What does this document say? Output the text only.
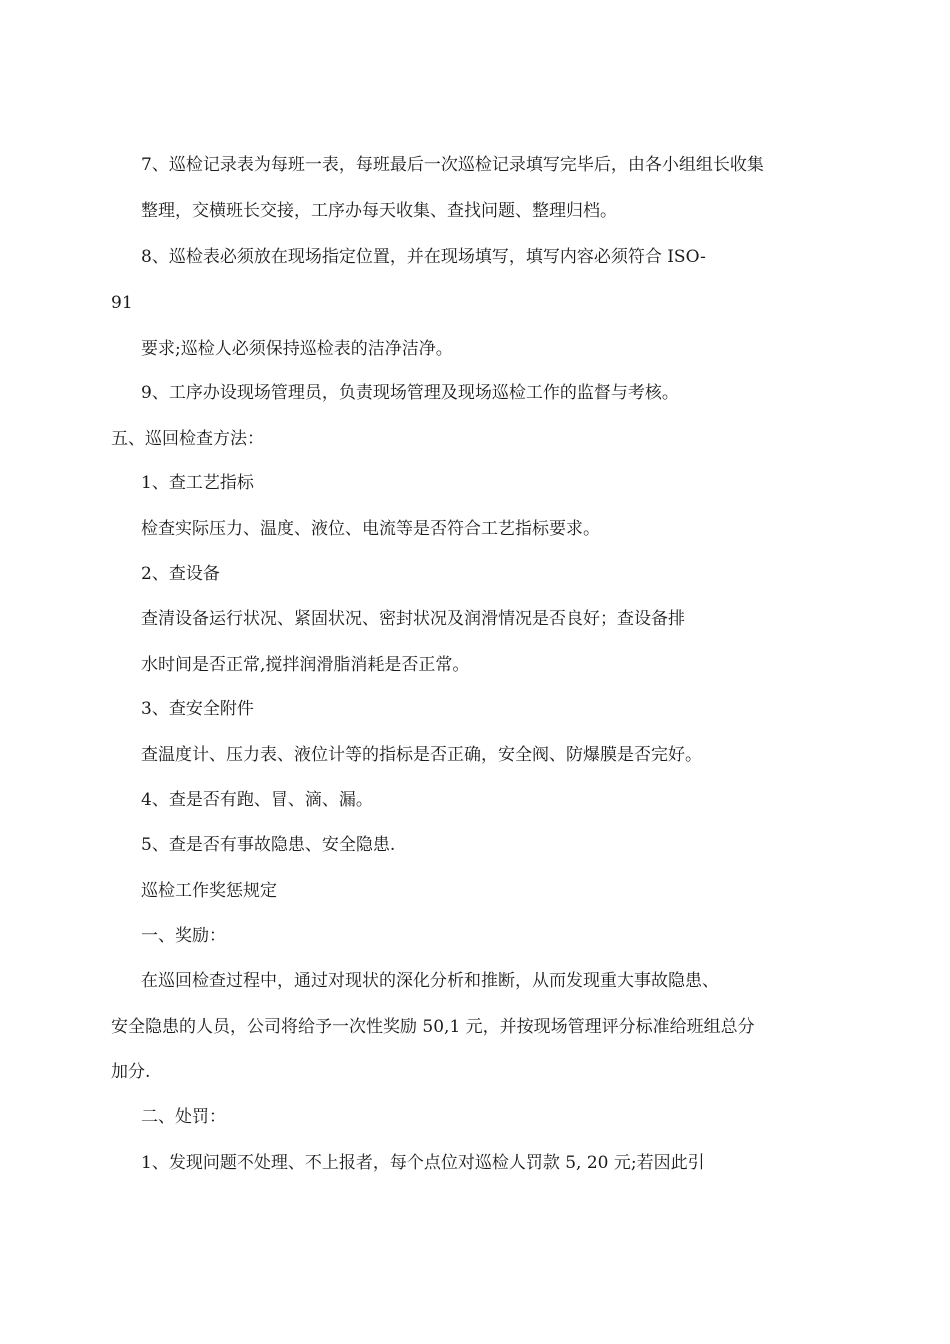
7、巡检记录表为每班一表，每班最后一次巡检记录填写完毕后，由各小组组长收集
整理，交横班长交接，工序办每天收集、查找问题、整理归档。
8、巡检表必须放在现场指定位置，并在现场填写，填写内容必须符合 ISO-
91
要求;巡检人必须保持巡检表的洁净洁净。
9、工序办设现场管理员，负责现场管理及现场巡检工作的监督与考核。
五、巡回检查方法：
1、查工艺指标
检查实际压力、温度、液位、电流等是否符合工艺指标要求。
2、查设备
查清设备运行状况、紧固状况、密封状况及润滑情况是否良好；查设备排
水时间是否正常,搅拌润滑脂消耗是否正常。
3、查安全附件
查温度计、压力表、液位计等的指标是否正确，安全阀、防爆膜是否完好。
4、查是否有跑、冒、滴、漏。
5、查是否有事故隐患、安全隐患.
巡检工作奖惩规定
一、奖励：
在巡回检查过程中，通过对现状的深化分析和推断，从而发现重大事故隐患、
安全隐患的人员，公司将给予一次性奖励 50,1 元，并按现场管理评分标准给班组总分
加分.
二、处罚：
1、发现问题不处理、不上报者，每个点位对巡检人罚款 5, 20 元;若因此引
